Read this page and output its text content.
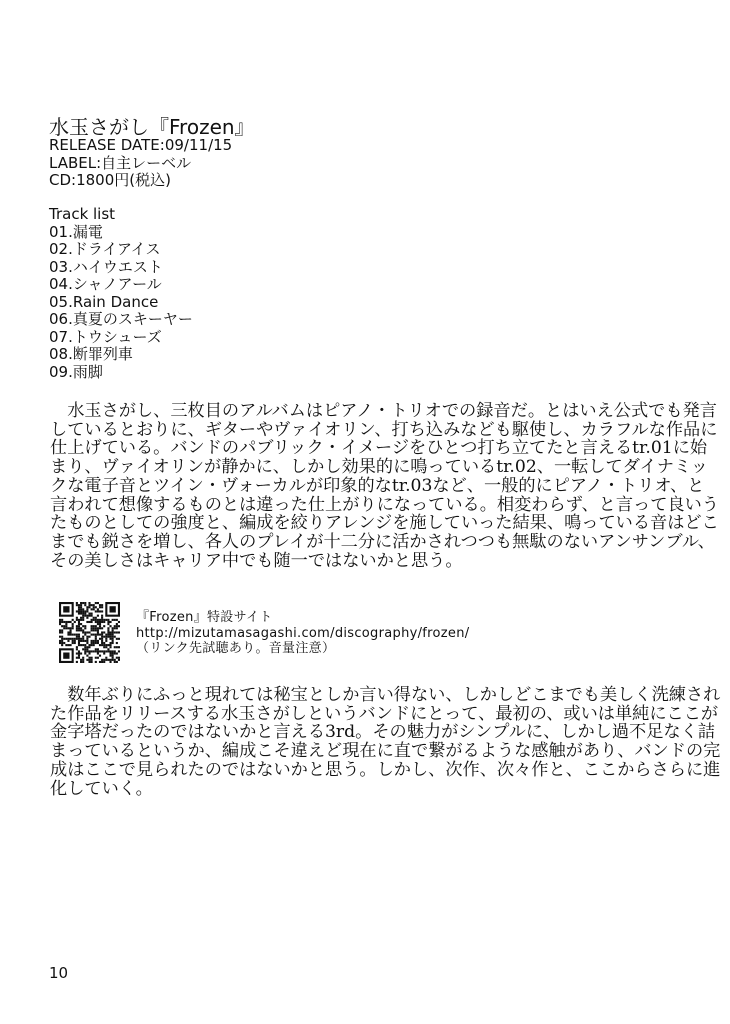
水玉さがし『Frozen』
RELEASE DATE:09/11/15
LABEL:自主レーベル
CD:1800円(税込)
Track list
01.漏電
02.ドライアイス
03.ハイウエスト
04.シャノアール
05.Rain Dance
06.真夏のスキーヤー
07.トウシューズ
08.断罪列車
09.雨脚
　水玉さがし、三枚目のアルバムはピアノ・トリオでの録音だ。とはいえ公式でも発言
しているとおりに、ギターやヴァイオリン、打ち込みなども駆使し、カラフルな作品に
仕上げている。バンドのパブリック・イメージをひとつ打ち立てたと言えるtr.01に始
まり、ヴァイオリンが静かに、しかし効果的に鳴っているtr.02、一転してダイナミッ
クな電子音とツイン・ヴォーカルが印象的なtr.03など、一般的にピアノ・トリオ、と
言われて想像するものとは違った仕上がりになっている。相変わらず、と言って良いう
たものとしての強度と、編成を絞りアレンジを施していった結果、鳴っている音はどこ
までも鋭さを増し、各人のプレイが十二分に活かされつつも無駄のないアンサンブル、
その美しさはキャリア中でも随一ではないかと思う。
『Frozen』特設サイト
http://mizutamasagashi.com/discography/frozen/
（リンク先試聴あり。音量注意）
　数年ぶりにふっと現れては秘宝としか言い得ない、しかしどこまでも美しく洗練され
た作品をリリースする水玉さがしというバンドにとって、最初の、或いは単純にここが
金字塔だったのではないかと言える3rd。その魅力がシンプルに、しかし過不足なく詰
まっているというか、編成こそ違えど現在に直で繋がるような感触があり、バンドの完
成はここで見られたのではないかと思う。しかし、次作、次々作と、ここからさらに進
化していく。
10
